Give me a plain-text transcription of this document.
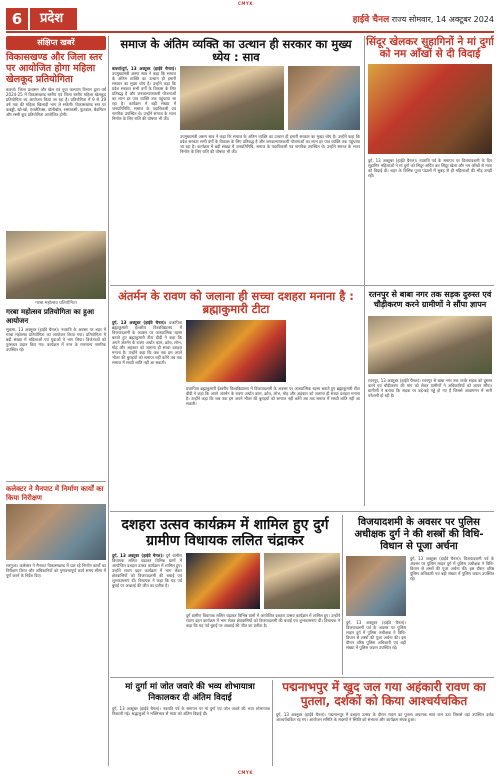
CMYK
6	प्रदेश	हाईवे चैनल राज्य सोमवार, 14 अक्टूबर 2024
संक्षिप्त खबरें
विकासखण्ड और जिला स्तर पर आयोजित होगा महिला खेलकूद प्रतियोगिता
कवर्धा। जिला प्रशासन और खेल एवं युवा कल्याण विभाग द्वारा वर्ष 2024-25 में विकासखण्ड स्तरीय एवं जिला स्तरीय महिला खेलकूद प्रतियोगिता का आयोजन किया जा रहा है। प्रतियोगिता में 9 से 39 वर्ष तक की महिला खिलाड़ी भाग ले सकेंगी। विकासखण्ड स्तर पर कबड्डी, खो-खो, एथलेटिक्स, वॉलीबॉल, रस्साकसी, फुटबाल, बैडमिंटन और रस्सी कूद प्रतियोगिता आयोजित होगी।
गरबा महोत्सव प्रतियोगिता
गरबा महोत्सव प्रतियोगिता का हुआ आयोजन
सुकमा, 13 अक्टूबर (हाईवे चैनल)। नवरात्रि के अवसर पर शहर में गरबा महोत्सव प्रतियोगिता का आयोजन किया गया। प्रतियोगिता में बड़ी संख्या में महिलाओं एवं युवाओं ने भाग लिया। विजेताओं को पुरस्कार प्रदान किए गए। कार्यक्रम में नगर के गणमान्य नागरिक उपस्थित रहे।
कलेक्टर ने मैनपाट में निर्माण कार्यों का किया निरीक्षण
सरगुजा। कलेक्टर ने मैनपाट विकासखण्ड में चल रहे निर्माण कार्यों का निरीक्षण किया और अधिकारियों को गुणवत्तापूर्ण कार्य समय सीमा में पूर्ण करने के निर्देश दिए।
समाज के अंतिम व्यक्ति का उत्थान ही सरकार का मुख्य ध्येय : साव
कवर्धा/दुर्ग, 13 अक्टूबर (हाईवे चैनल)। उपमुख्यमंत्री अरुण साव ने कहा कि समाज के अंतिम व्यक्ति का उत्थान ही हमारी सरकार का मुख्य ध्येय है। उन्होंने कहा कि प्रदेश सरकार सभी वर्गों के विकास के लिए प्रतिबद्ध है और जनकल्याणकारी योजनाओं का लाभ हर पात्र व्यक्ति तक पहुंचाया जा रहा है। कार्यक्रम में बड़ी संख्या में जनप्रतिनिधि, समाज के पदाधिकारी एवं नागरिक उपस्थित थे। उन्होंने समाज के भवन निर्माण के लिए राशि की घोषणा भी की।
उपमुख्यमंत्री अरुण साव ने कहा कि समाज के अंतिम व्यक्ति का उत्थान ही हमारी सरकार का मुख्य ध्येय है। उन्होंने कहा कि प्रदेश सरकार सभी वर्गों के विकास के लिए प्रतिबद्ध है और जनकल्याणकारी योजनाओं का लाभ हर पात्र व्यक्ति तक पहुंचाया जा रहा है। कार्यक्रम में बड़ी संख्या में जनप्रतिनिधि, समाज के पदाधिकारी एवं नागरिक उपस्थित थे। उन्होंने समाज के भवन निर्माण के लिए राशि की घोषणा भी की।
सिंदूर खेलकर सुहागिनों ने मां दुर्गा को नम आँखों से दी विदाई
दुर्ग, 13 अक्टूबर (हाईवे चैनल)। नवरात्रि पर्व के समापन पर विजयादशमी के दिन सुहागिन महिलाओं ने मां दुर्गा को सिंदूर अर्पित कर सिंदूर खेला और नम आँखों से माता को विदाई दी। शहर के विभिन्न पूजा पंडालों में सुबह से ही महिलाओं की भीड़ उमड़ी रही।
अंतर्मन के रावण को जलाना ही सच्चा दशहरा मनाना है : ब्रह्माकुमारी टीटा
दुर्ग, 13 अक्टूबर (हाईवे चैनल)। प्रजापिता ब्रह्माकुमारी ईश्वरीय विश्वविद्यालय में विजयादशमी के अवसर पर आध्यात्मिक रहस्य बताते हुए ब्रह्माकुमारी टीटा दीदी ने कहा कि अपने अंतर्मन के रावण अर्थात काम, क्रोध, लोभ, मोह और अहंकार को जलाना ही सच्चा दशहरा मनाना है। उन्होंने कहा कि जब तक हम अपने भीतर की बुराइयों को समाप्त नहीं करेंगे तब तक समाज में सच्ची शांति नहीं आ सकती।
प्रजापिता ब्रह्माकुमारी ईश्वरीय विश्वविद्यालय में विजयादशमी के अवसर पर आध्यात्मिक रहस्य बताते हुए ब्रह्माकुमारी टीटा दीदी ने कहा कि अपने अंतर्मन के रावण अर्थात काम, क्रोध, लोभ, मोह और अहंकार को जलाना ही सच्चा दशहरा मनाना है। उन्होंने कहा कि जब तक हम अपने भीतर की बुराइयों को समाप्त नहीं करेंगे तब तक समाज में सच्ची शांति नहीं आ सकती।
रतनपुर से बाबा नगर तक सड़क दुरुस्त एवं चौड़ीकरण करने ग्रामीणों ने सौंपा ज्ञापन
रतनपुर, 13 अक्टूबर (हाईवे चैनल)। रतनपुर से बाबा नगर तक जर्जर सड़क को दुरुस्त करने एवं चौड़ीकरण की मांग को लेकर ग्रामीणों ने अधिकारियों को ज्ञापन सौंपा। ग्रामीणों ने बताया कि सड़क पर बड़े-बड़े गड्ढे हो गए हैं जिससे आवागमन में भारी परेशानी हो रही है।
दशहरा उत्सव कार्यक्रम में शामिल हुए दुर्ग ग्रामीण विधायक ललित चंद्राकर
दुर्ग, 13 अक्टूबर (हाईवे चैनल)। दुर्ग ग्रामीण विधायक ललित चंद्राकर विभिन्न ग्रामों में आयोजित दशहरा उत्सव कार्यक्रम में शामिल हुए। उन्होंने रावण दहन कार्यक्रम में भाग लेकर क्षेत्रवासियों को विजयादशमी की बधाई एवं शुभकामनाएं दीं। विधायक ने कहा कि यह पर्व बुराई पर अच्छाई की जीत का प्रतीक है।
दुर्ग ग्रामीण विधायक ललित चंद्राकर विभिन्न ग्रामों में आयोजित दशहरा उत्सव कार्यक्रम में शामिल हुए। उन्होंने रावण दहन कार्यक्रम में भाग लेकर क्षेत्रवासियों को विजयादशमी की बधाई एवं शुभकामनाएं दीं। विधायक ने कहा कि यह पर्व बुराई पर अच्छाई की जीत का प्रतीक है।
विजयादशमी के अवसर पर पुलिस अधीक्षक दुर्ग ने की शस्त्रों की विधि-विधान से पूजा अर्चना
दुर्ग, 13 अक्टूबर (हाईवे चैनल)। विजयादशमी पर्व के अवसर पर पुलिस लाइन दुर्ग में पुलिस अधीक्षक ने विधि-विधान से शस्त्रों की पूजा अर्चना की। इस दौरान वरिष्ठ पुलिस अधिकारी एवं बड़ी संख्या में पुलिस जवान उपस्थित रहे।
दुर्ग, 13 अक्टूबर (हाईवे चैनल)। विजयादशमी पर्व के अवसर पर पुलिस लाइन दुर्ग में पुलिस अधीक्षक ने विधि-विधान से शस्त्रों की पूजा अर्चना की। इस दौरान वरिष्ठ पुलिस अधिकारी एवं बड़ी संख्या में पुलिस जवान उपस्थित रहे।
मां दुर्गा मां जोत जवारे की भव्य शोभायात्रा निकालकर दी अंतिम विदाई
दुर्ग, 13 अक्टूबर (हाईवे चैनल)। नवरात्रि पर्व के समापन पर मां दुर्गा एवं जोत जवारे की भव्य शोभायात्रा निकाली गई। श्रद्धालुओं ने भक्तिभाव से माता को अंतिम विदाई दी।
पद्मनाभपुर में खुद जल गया अहंकारी रावण का पुतला, दर्शकों को किया आश्चर्यचकित
दुर्ग, 13 अक्टूबर (हाईवे चैनल)। पद्मनाभपुर में दशहरा उत्सव के दौरान रावण का पुतला अचानक स्वयं जल उठा जिससे वहां उपस्थित दर्शक आश्चर्यचकित रह गए। आयोजन समिति के सदस्यों ने स्थिति को संभाला और कार्यक्रम संपन्न हुआ।
CMYK
